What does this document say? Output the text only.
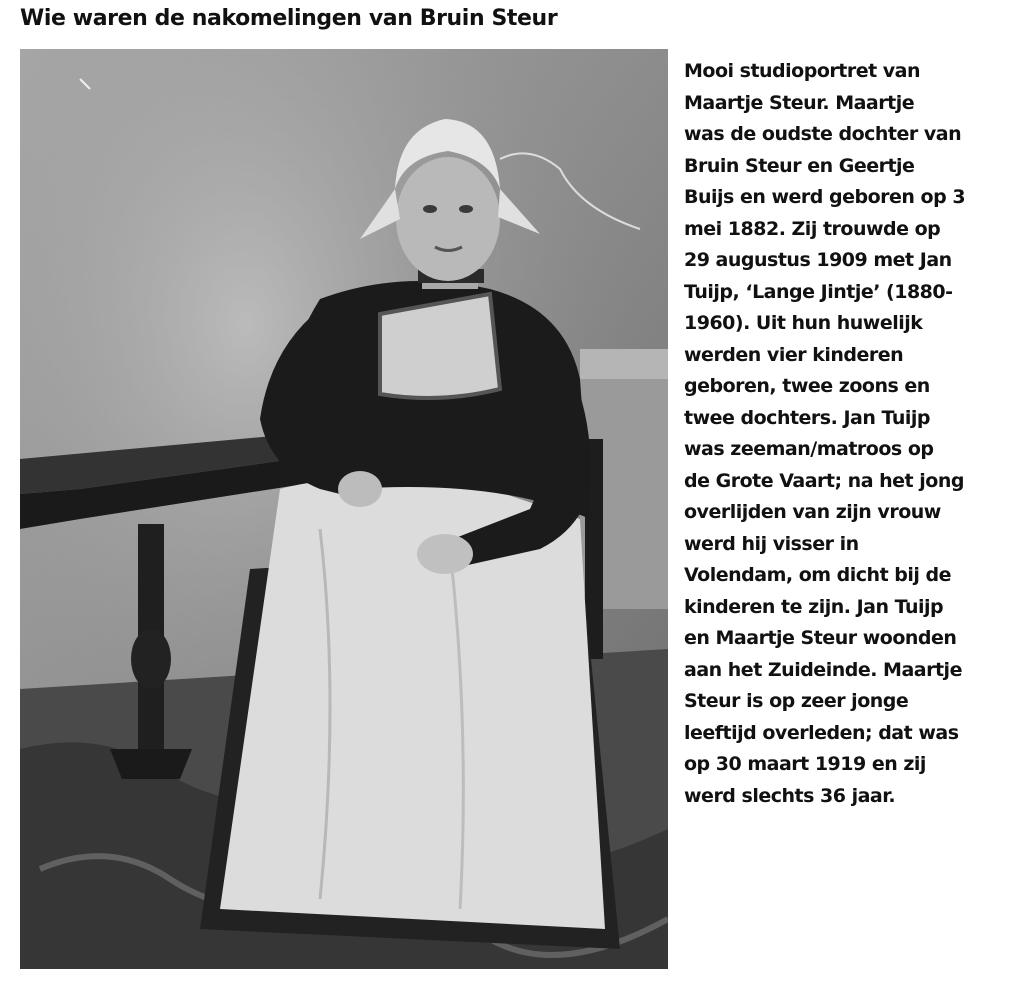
Wie waren de nakomelingen van Bruin Steur
Mooi studioportret van
Maartje Steur. Maartje
was de oudste dochter van
Bruin Steur en Geertje
Buijs en werd geboren op 3
mei 1882. Zij trouwde op
29 augustus 1909 met Jan
Tuijp, ‘Lange Jintje’ (1880-
1960). Uit hun huwelijk
werden vier kinderen
geboren, twee zoons en
twee dochters. Jan Tuijp
was zeeman/matroos op
de Grote Vaart; na het jong
overlijden van zijn vrouw
werd hij visser in
Volendam, om dicht bij de
kinderen te zijn. Jan Tuijp
en Maartje Steur woonden
aan het Zuideinde. Maartje
Steur is op zeer jonge
leeftijd overleden; dat was
op 30 maart 1919 en zij
werd slechts 36 jaar.
